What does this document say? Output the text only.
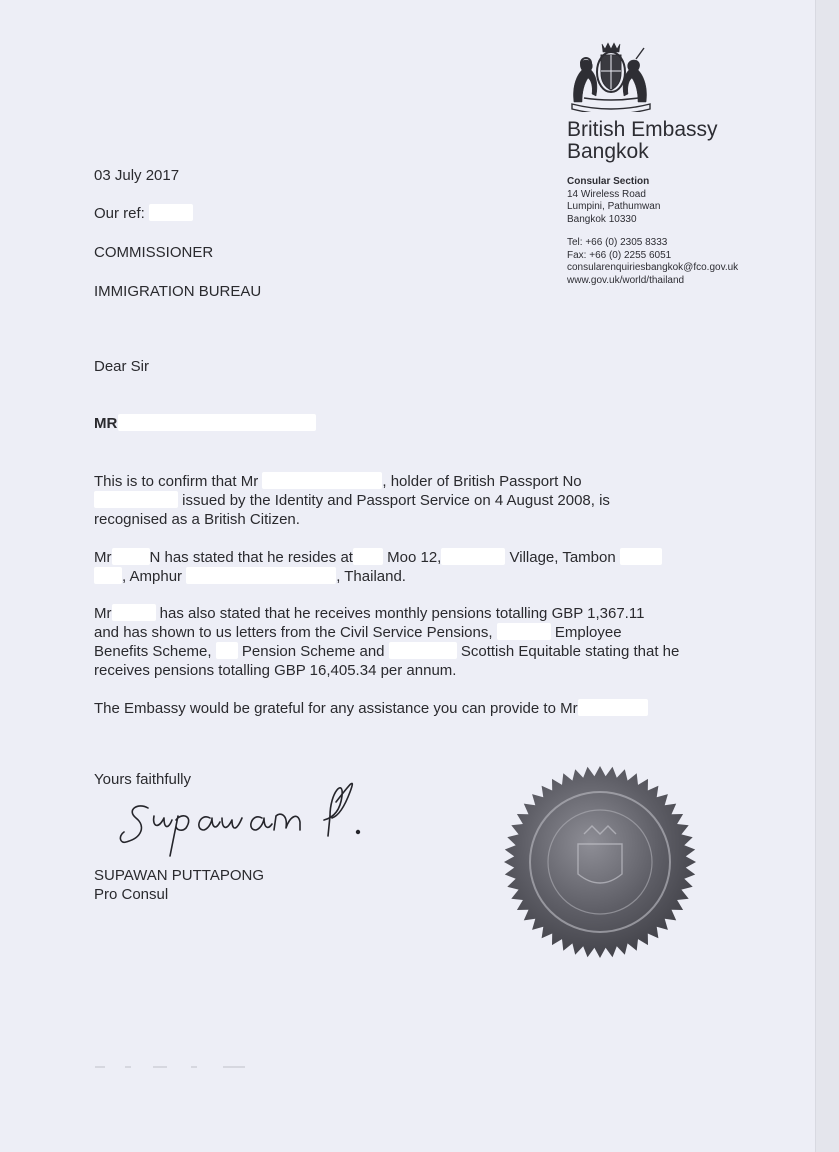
British Embassy
Bangkok
Consular Section
14 Wireless Road
Lumpini, Pathumwan
Bangkok 10330
Tel: +66 (0) 2305 8333
Fax: +66 (0) 2255 6051
consularenquiriesbangkok@fco.gov.uk
www.gov.uk/world/thailand
03 July 2017
Our ref:
COMMISSIONER
IMMIGRATION BUREAU
Dear Sir
MR
This is to confirm that Mr	, holder of British Passport No
issued by the Identity and Passport Service on 4 August 2008, is
recognised as a British Citizen.
Mr	N has stated that he resides at Moo 12,	Village, Tambon
, Amphur	, Thailand.
Mr	has also stated that he receives monthly pensions totalling GBP 1,367.11
and has shown to us letters from the Civil Service Pensions,	Employee
Benefits Scheme, Pension Scheme and	Scottish Equitable stating that he
receives pensions totalling GBP 16,405.34 per annum.
The Embassy would be grateful for any assistance you can provide to Mr
Yours faithfully
SUPAWAN PUTTAPONG
Pro Consul
